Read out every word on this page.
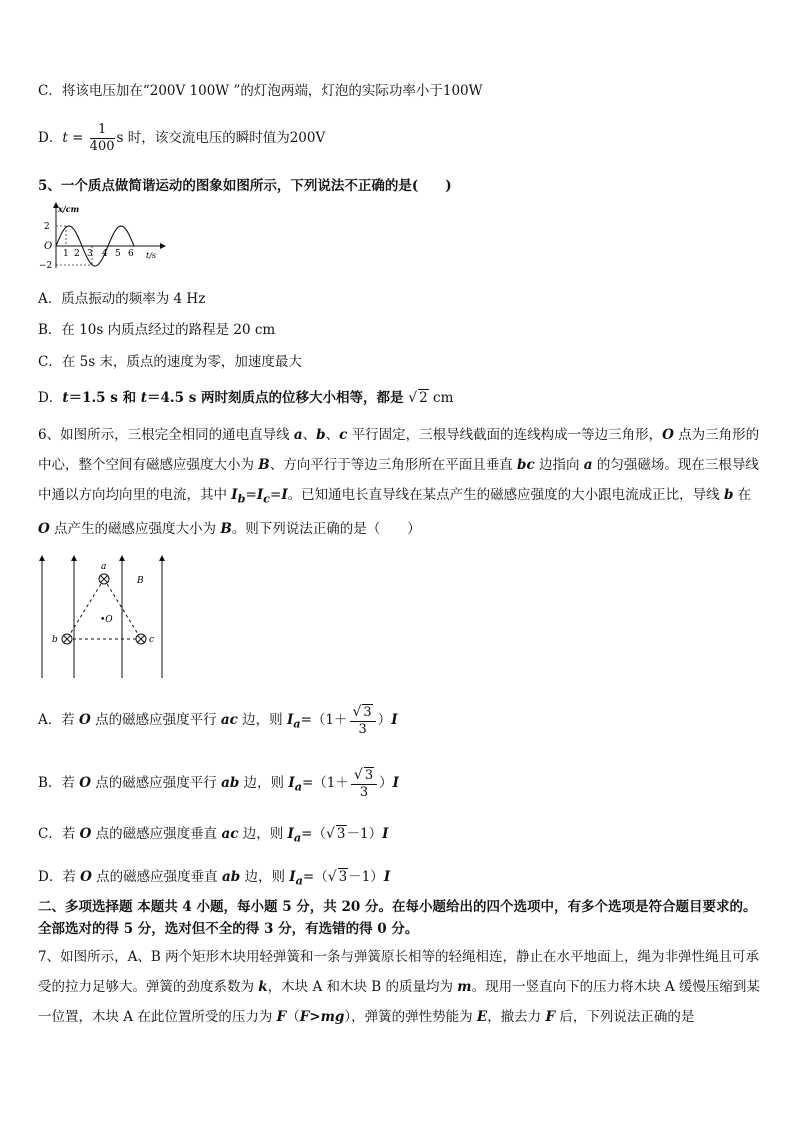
C．将该电压加在“200V 100W ”的灯泡两端，灯泡的实际功率小于100W
D．$t = \frac{1}{400}$ s 时，该交流电压的瞬时值为200V
5、一个质点做简谐运动的图象如图所示，下列说法不正确的是(　　)
x/cm
O
t/s
2
−2
1 2 3 4 5 6
A．质点振动的频率为 4 Hz
B．在 10s 内质点经过的路程是 20 cm
C．在 5s 末，质点的速度为零，加速度最大
D．t＝1.5 s 和 t＝4.5 s 两时刻质点的位移大小相等，都是 √ 2 cm
6、如图所示，三根完全相同的通电直导线 a、b、c 平行固定，三根导线截面的连线构成一等边三角形，O 点为三角形的中心，整个空间有磁感应强度大小为 B、方向平行于等边三角形所在平面且垂直 bc 边指向 a 的匀强磁场。现在三根导线中通以方向均向里的电流，其中 $I_b=I_c=I$。已知通电长直导线在某点产生的磁感应强度的大小跟电流成正比，导线 b 在 O 点产生的磁感应强度大小为 B。则下列说法正确的是（　　）
a
b	c
•O
B
A．若 O 点的磁感应强度平行 ac 边，则 $I_a=(1+ \frac{√ 3}{3} )I$
B．若 O 点的磁感应强度平行 ab 边，则 $I_a=(1+ \frac{√ 3}{3} )I$
C．若 O 点的磁感应强度垂直 ac 边，则 $I_a=(√$ 3－1）I
D．若 O 点的磁感应强度垂直 ab 边，则 $I_a=(√$ 3－1）I
二、多项选择题 本题共 4 小题，每小题 5 分，共 20 分。在每小题给出的四个选项中，有多个选项是符合题目要求的。全部选对的得 5 分，选对但不全的得 3 分，有选错的得 0 分。
7、如图所示，A、B 两个矩形木块用轻弹簧和一条与弹簧原长相等的轻绳相连，静止在水平地面上，绳为非弹性绳且可承受的拉力足够大。弹簧的劲度系数为 k，木块 A 和木块 B 的质量均为 m。现用一竖直向下的压力将木块 A 缓慢压缩到某一位置，木块 A 在此位置所受的压力为 F（F>mg），弹簧的弹性势能为 E，撤去力 F 后，下列说法正确的是
